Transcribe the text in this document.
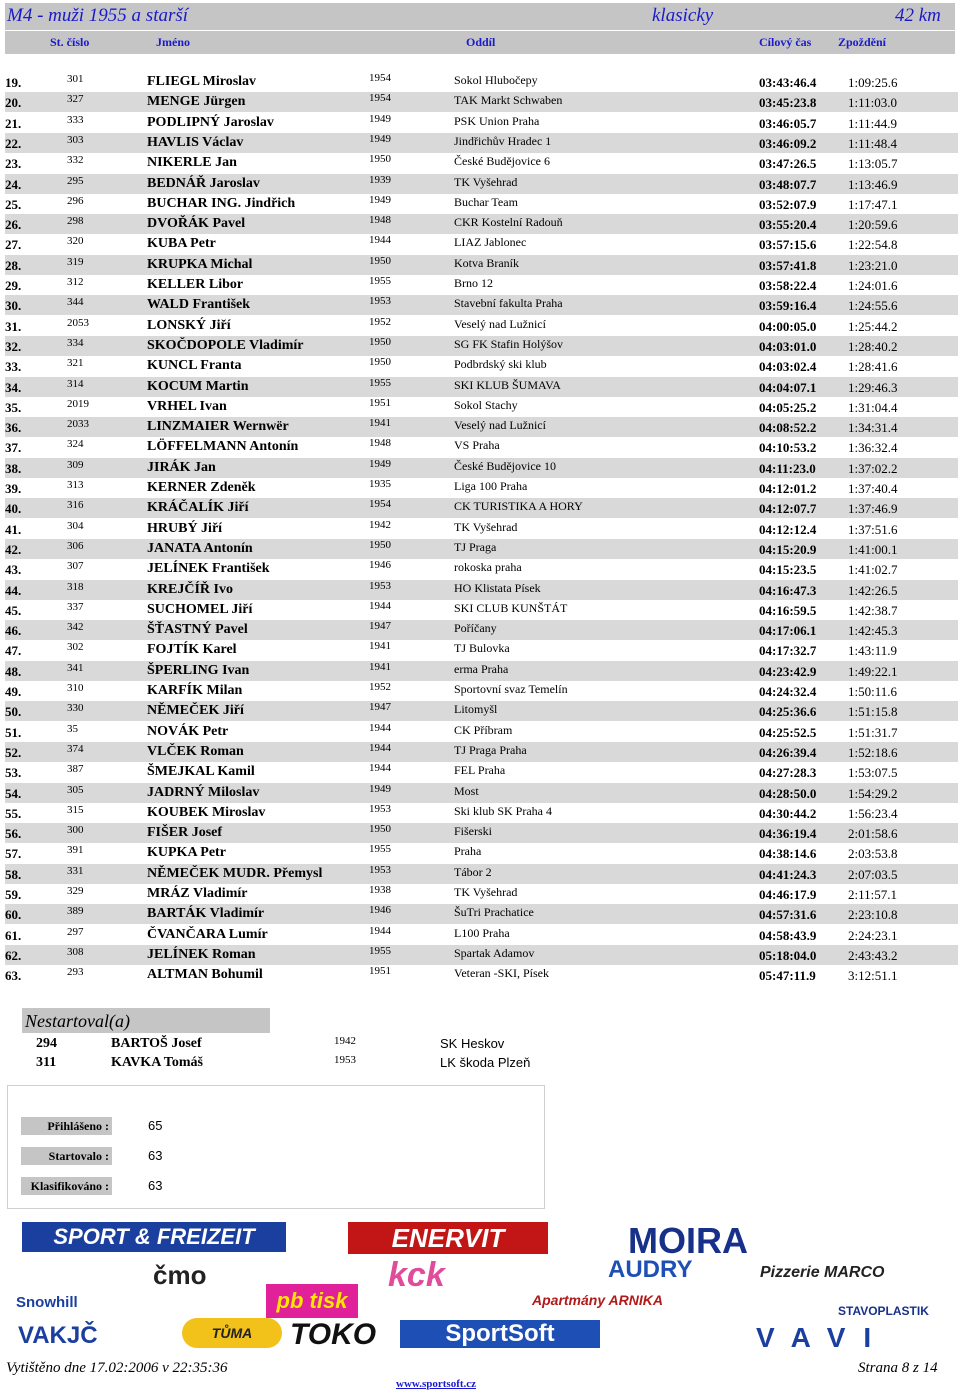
M4 - muži 1955 a starší	klasicky	42 km
St. číslo	Jméno	Oddíl	Cílový čas Zpoždění
19.	301	FLIEGL Miroslav	1954	Sokol Hlubočepy	03:43:46.4 1:09:25.6
20.	327	MENGE Jürgen	1954	TAK Markt Schwaben	03:45:23.8 1:11:03.0
21.	333	PODLIPNÝ Jaroslav	1949	PSK Union Praha	03:46:05.7 1:11:44.9
22.	303	HAVLIS Václav	1949	Jindřichův Hradec 1	03:46:09.2 1:11:48.4
23.	332	NIKERLE Jan	1950	České Budějovice 6	03:47:26.5 1:13:05.7
24.	295	BEDNÁŘ Jaroslav	1939	TK Vyšehrad	03:48:07.7 1:13:46.9
25.	296	BUCHAR ING. Jindřich	1949	Buchar Team	03:52:07.9 1:17:47.1
26.	298	DVOŘÁK Pavel	1948	CKR Kostelní Radouň	03:55:20.4 1:20:59.6
27.	320	KUBA Petr	1944	LIAZ Jablonec	03:57:15.6 1:22:54.8
28.	319	KRUPKA Michal	1950	Kotva Braník	03:57:41.8 1:23:21.0
29.	312	KELLER Libor	1955	Brno 12	03:58:22.4 1:24:01.6
30.	344	WALD František	1953	Stavební fakulta Praha	03:59:16.4 1:24:55.6
31.	2053	LONSKÝ Jiří	1952	Veselý nad Lužnicí	04:00:05.0 1:25:44.2
32.	334	SKOČDOPOLE Vladimír	1950	SG FK Stafin Holýšov	04:03:01.0 1:28:40.2
33.	321	KUNCL Franta	1950	Podbrdský ski klub	04:03:02.4 1:28:41.6
34.	314	KOCUM Martin	1955	SKI KLUB ŠUMAVA	04:04:07.1 1:29:46.3
35.	2019	VRHEL Ivan	1951	Sokol Stachy	04:05:25.2 1:31:04.4
36.	2033	LINZMAIER Wernwër	1941	Veselý nad Lužnicí	04:08:52.2 1:34:31.4
37.	324	LÖFFELMANN Antonín	1948	VS Praha	04:10:53.2 1:36:32.4
38.	309	JIRÁK Jan	1949	České Budějovice 10	04:11:23.0 1:37:02.2
39.	313	KERNER Zdeněk	1935	Liga 100 Praha	04:12:01.2 1:37:40.4
40.	316	KRÁČALÍK Jiří	1954	CK TURISTIKA A HORY	04:12:07.7 1:37:46.9
41.	304	HRUBÝ Jiří	1942	TK Vyšehrad	04:12:12.4 1:37:51.6
42.	306	JANATA Antonín	1950	TJ Praga	04:15:20.9 1:41:00.1
43.	307	JELÍNEK František	1946	rokoska praha	04:15:23.5 1:41:02.7
44.	318	KREJČÍŘ Ivo	1953	HO Klistata Písek	04:16:47.3 1:42:26.5
45.	337	SUCHOMEL Jiří	1944	SKI CLUB KUNŠTÁT	04:16:59.5 1:42:38.7
46.	342	ŠŤASTNÝ Pavel	1947	Poříčany	04:17:06.1 1:42:45.3
47.	302	FOJTÍK Karel	1941	TJ Bulovka	04:17:32.7 1:43:11.9
48.	341	ŠPERLING Ivan	1941	erma Praha	04:23:42.9 1:49:22.1
49.	310	KARFÍK Milan	1952	Sportovní svaz Temelín	04:24:32.4 1:50:11.6
50.	330	NĚMEČEK Jiří	1947	Litomyšl	04:25:36.6 1:51:15.8
51.	35	NOVÁK Petr	1944	CK Příbram	04:25:52.5 1:51:31.7
52.	374	VLČEK Roman	1944	TJ Praga Praha	04:26:39.4 1:52:18.6
53.	387	ŠMEJKAL Kamil	1944	FEL Praha	04:27:28.3 1:53:07.5
54.	305	JADRNÝ Miloslav	1949	Most	04:28:50.0 1:54:29.2
55.	315	KOUBEK Miroslav	1953	Ski klub SK Praha 4	04:30:44.2 1:56:23.4
56.	300	FIŠER Josef	1950	Fišerski	04:36:19.4 2:01:58.6
57.	391	KUPKA Petr	1955	Praha	04:38:14.6 2:03:53.8
58.	331	NĚMEČEK MUDR. Přemysl	1953	Tábor 2	04:41:24.3 2:07:03.5
59.	329	MRÁZ Vladimír	1938	TK Vyšehrad	04:46:17.9 2:11:57.1
60.	389	BARTÁK Vladimír	1946	ŠuTri Prachatice	04:57:31.6 2:23:10.8
61.	297	ČVANČARA Lumír	1944	L100 Praha	04:58:43.9 2:24:23.1
62.	308	JELÍNEK Roman	1955	Spartak Adamov	05:18:04.0 2:43:43.2
63.	293	ALTMAN Bohumil	1951	Veteran -SKI, Písek	05:47:11.9 3:12:51.1
Nestartoval(a)
294	BARTOŠ Josef	1942	SK Heskov
311	KAVKA Tomáš	1953	LK škoda Plzeň
Přihlášeno :	65
Startovalo :	63
Klasifikováno :	63
SPORT & FREIZEIT	ENERVIT	MOIRA
čmo
pb tisk
kck	AUDRY	Pizzerie MARCO
Snowhill	Apartmány ARNIKA
STAVOPLASTIK
VAKJČ	TŮMA	TOKO	SportSoft	VAVI
Vytištěno dne 17.02:2006 v 22:35:36	Strana 8 z 14
www.sportsoft.cz
